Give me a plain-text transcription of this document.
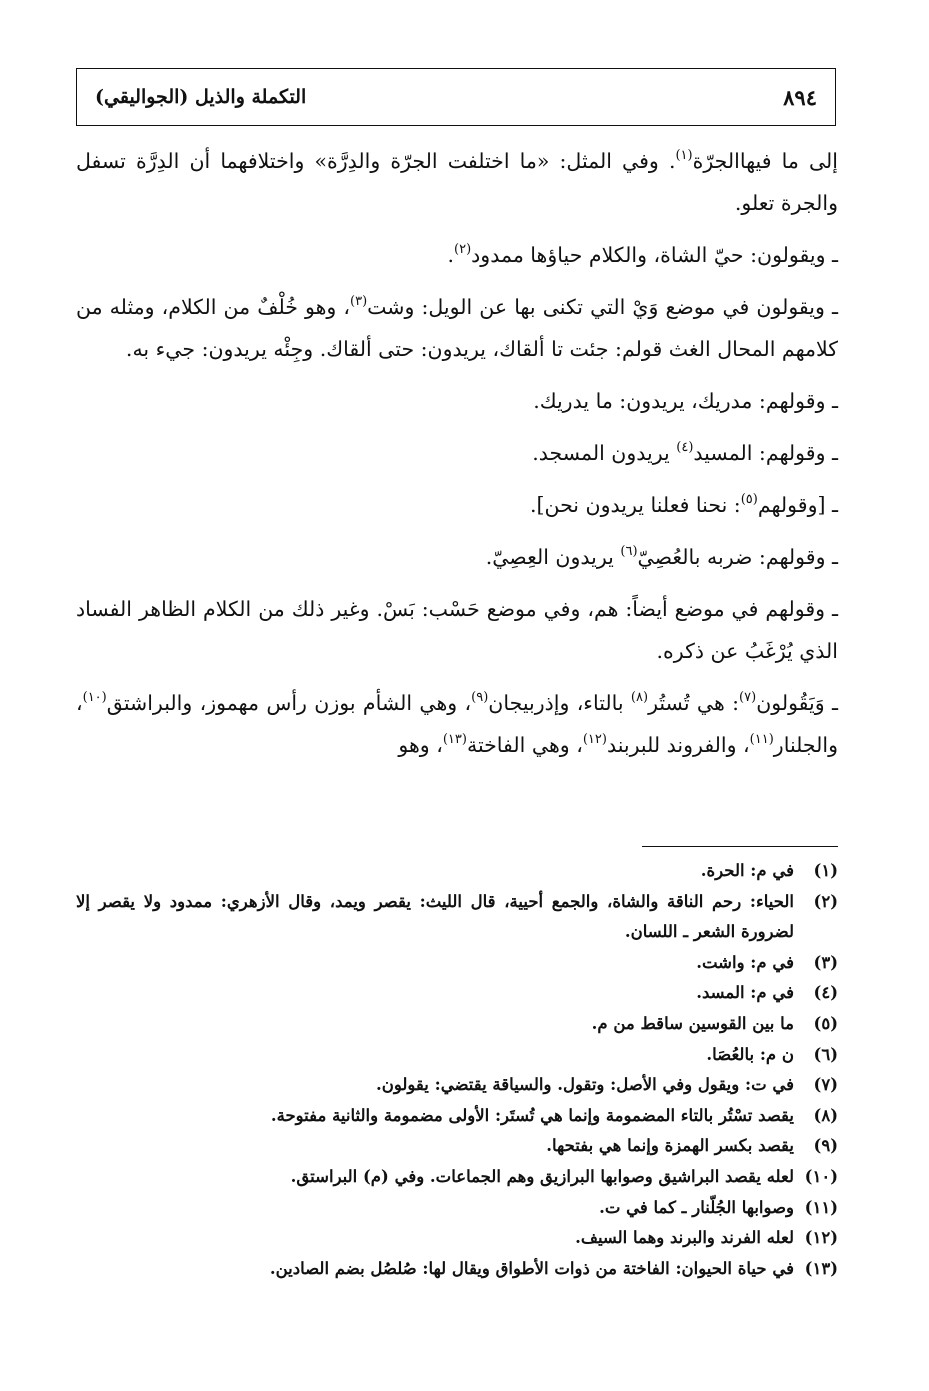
٨٩٤
التكملة والذيل (الجواليقي)

إلى ما فيهاالجرّة$^{(١)}$. وفي المثل: «ما اختلفت الجرّة والدِرَّة» واختلافهما أن الدِرَّة تسفل والجرة تعلو.

ـ ويقولون: حيّ الشاة، والكلام حياؤها ممدود$^{(٢)}$.

ـ ويقولون في موضع وَيْ التي تكنى بها عن الويل: وشت$^{(٣)}$، وهو خُلْفٌ من الكلام، ومثله من كلامهم المحال الغث قولم: جئت تا ألقاك، يريدون: حتى ألقاك. وجِئْه يريدون: جيء به.

ـ وقولهم: مدريك، يريدون: ما يدريك.

ـ وقولهم: المسيد$^{(٤)}$ يريدون المسجد.

ـ [وقولهم$^{(٥)}$: نحنا فعلنا يريدون نحن].

ـ وقولهم: ضربه بالعُصِيّ$^{(٦)}$ يريدون العِصِيّ.

ـ وقولهم في موضع أيضاً: هم، وفي موضع حَسْب: بَسْ. وغير ذلك من الكلام الظاهر الفساد الذي يُرْغَبُ عن ذكره.

ـ وَيَقُولون$^{(٧)}$: هي تُستُر$^{(٨)}$ بالتاء، وإذربيجان$^{(٩)}$، وهي الشأم بوزن رأس مهموز، والبراشتق$^{(١٠)}$، والجلنار$^{(١١)}$، والفروند للبربند$^{(١٢)}$، وهي الفاختة$^{(١٣)}$، وهو

(١)
في م: الحرة.
(٢)
الحياء: رحم الناقة والشاة، والجمع أحيية، قال الليث: يقصر ويمد، وقال الأزهري: ممدود ولا يقصر إلا لضرورة الشعر ـ اللسان.
(٣)
في م: واشت.
(٤)
في م: المسد.
(٥)
ما بين القوسين ساقط من م.
(٦)
ن م: بالعُصَا.
(٧)
في ت: ويقول وفي الأصل: وتقول. والسياقة يقتضي: يقولون.
(٨)
يقصد تسْتُر بالتاء المضمومة وإنما هي تُستَر: الأولى مضمومة والثانية مفتوحة.
(٩)
يقصد بكسر الهمزة وإنما هي بفتحها.
(١٠)
لعله يقصد البراشيق وصوابها البرازيق وهم الجماعات. وفي (م) البراستق.
(١١)
وصوابها الجُلّنار ـ كما في ت.
(١٢)
لعله الفرند والبرند وهما السيف.
(١٣)
في حياة الحيوان: الفاختة من ذوات الأطواق ويقال لها: صُلصُل بضم الصادين.
